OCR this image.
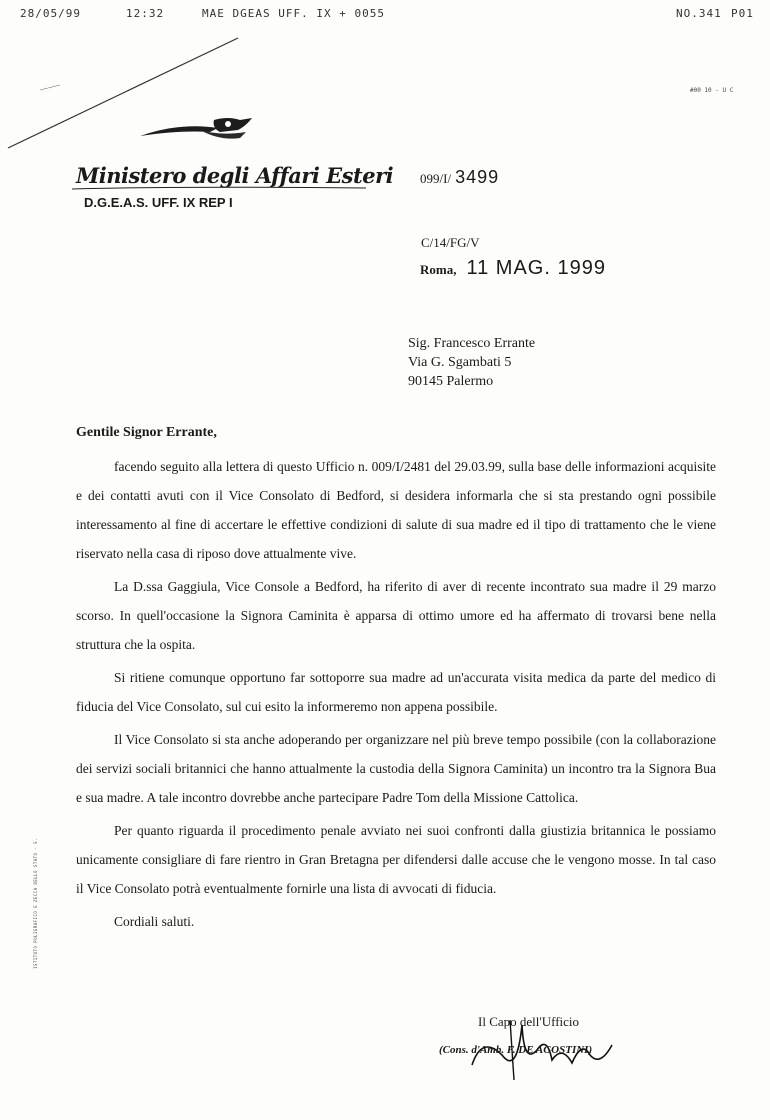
28/05/99	12:32	MAE DGEAS UFF. IX + 0055	NO.341 P01
#00 10 - U C
Ministero degli Affari Esteri
D.G.E.A.S. UFF. IX REP I
099/I/ 3499
C/14/FG/V
Roma, 11 MAG. 1999
Sig. Francesco Errante
Via G. Sgambati 5
90145 Palermo
Gentile Signor Errante,

facendo seguito alla lettera di questo Ufficio n. 009/I/2481 del 29.03.99, sulla base delle informazioni acquisite e dei contatti avuti con il Vice Consolato di Bedford, si desidera informarla che si sta prestando ogni possibile interessamento al fine di accertare le effettive condizioni di salute di sua madre ed il tipo di trattamento che le viene riservato nella casa di riposo dove attualmente vive.

La D.ssa Gaggiula, Vice Console a Bedford, ha riferito di aver di recente incontrato sua madre il 29 marzo scorso. In quell'occasione la Signora Caminita è apparsa di ottimo umore ed ha affermato di trovarsi bene nella struttura che la ospita.

Si ritiene comunque opportuno far sottoporre sua madre ad un'accurata visita medica da parte del medico di fiducia del Vice Consolato, sul cui esito la informeremo non appena possibile.

Il Vice Consolato si sta anche adoperando per organizzare nel più breve tempo possibile (con la collaborazione dei servizi sociali britannici che hanno attualmente la custodia della Signora Caminita) un incontro tra la Signora Bua e sua madre. A tale incontro dovrebbe anche partecipare Padre Tom della Missione Cattolica.

Per quanto riguarda il procedimento penale avviato nei suoi confronti dalla giustizia britannica le possiamo unicamente consigliare di fare rientro in Gran Bretagna per difendersi dalle accuse che le vengono mosse. In tal caso il Vice Consolato potrà eventualmente fornirle una lista di avvocati di fiducia.

Cordiali saluti.

ISTITUTO POLIGRAFICO E ZECCA DELLO STATO - S.
Il Capo dell'Ufficio
(Cons. d'Amb. F. DE AGOSTINI)
